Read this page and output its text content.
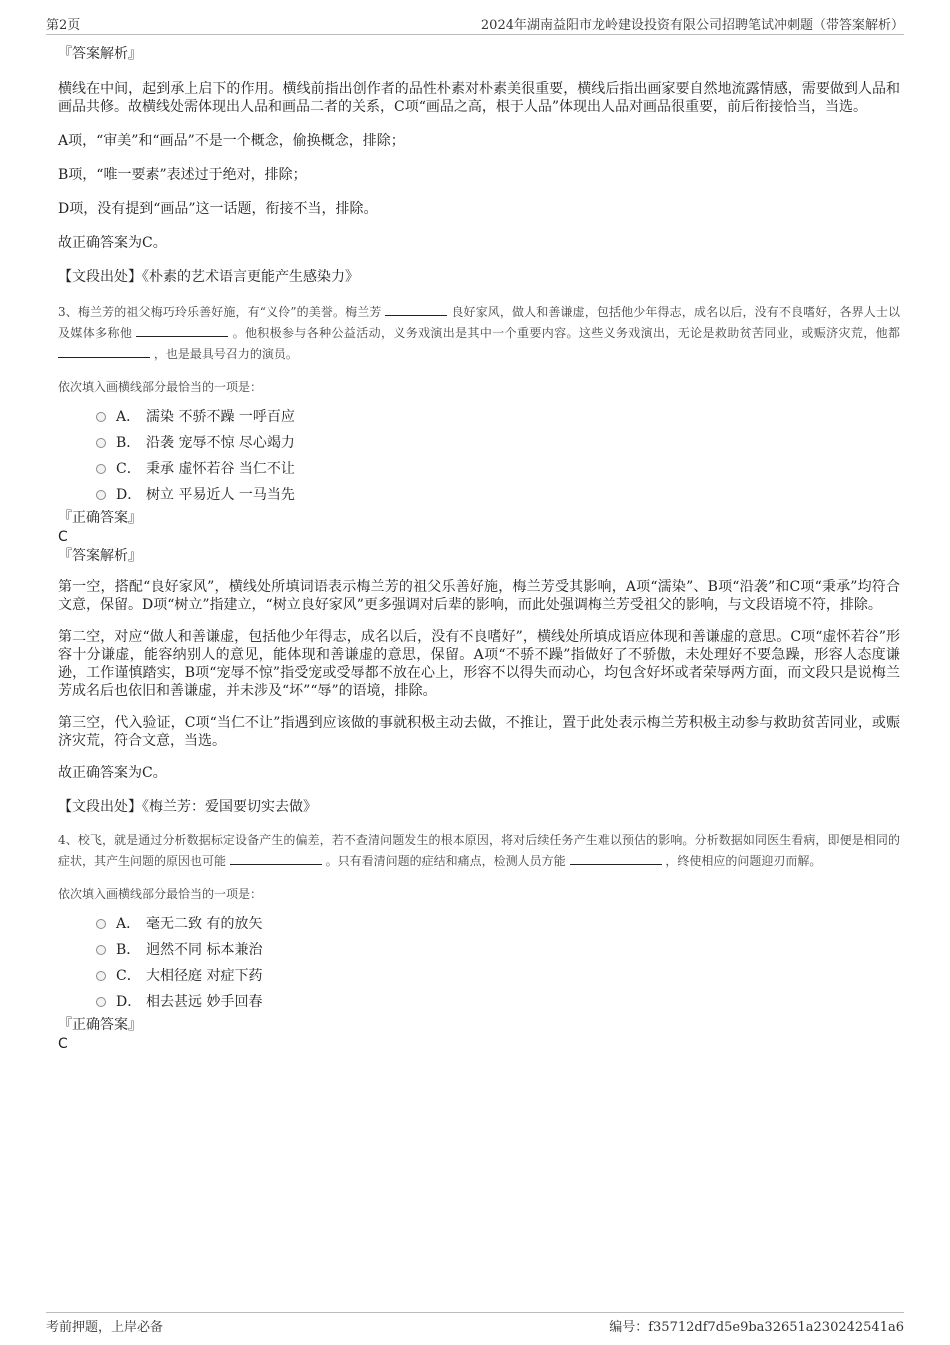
第2页	2024年湖南益阳市龙岭建设投资有限公司招聘笔试冲刺题（带答案解析）

『答案解析』

横线在中间，起到承上启下的作用。横线前指出创作者的品性朴素对朴素美很重要，横线后指出画家要自然地流露情感，需要做到人品和画品共修。故横线处需体现出人品和画品二者的关系，C项“画品之高，根于人品”体现出人品对画品很重要，前后衔接恰当，当选。

A项，“审美”和“画品”不是一个概念，偷换概念，排除；

B项，“唯一要素”表述过于绝对，排除；

D项，没有提到“画品”这一话题，衔接不当，排除。

故正确答案为C。

【文段出处】《朴素的艺术语言更能产生感染力》

3、梅兰芳的祖父梅巧玲乐善好施，有“义伶”的美誉。梅兰芳	良好家风，做人和善谦虚，包括他少年得志，成名以后，没有不良嗜好，各界人士以及媒体多称他	。他积极参与各种公益活动，义务戏演出是其中一个重要内容。这些义务戏演出，无论是救助贫苦同业，或赈济灾荒，他都  ，也是最具号召力的演员。

依次填入画横线部分最恰当的一项是：

A． 濡染 不骄不躁 一呼百应
B． 沿袭 宠辱不惊 尽心竭力
C． 秉承 虚怀若谷 当仁不让
D． 树立 平易近人 一马当先

『正确答案』

C

『答案解析』

第一空，搭配“良好家风”，横线处所填词语表示梅兰芳的祖父乐善好施，梅兰芳受其影响，A项“濡染”、B项“沿袭”和C项“秉承”均符合文意，保留。D项“树立”指建立，“树立良好家风”更多强调对后辈的影响，而此处强调梅兰芳受祖父的影响，与文段语境不符，排除。

第二空，对应“做人和善谦虚，包括他少年得志，成名以后，没有不良嗜好”，横线处所填成语应体现和善谦虚的意思。C项“虚怀若谷”形容十分谦虚，能容纳别人的意见，能体现和善谦虚的意思，保留。A项“不骄不躁”指做好了不骄傲，未处理好不要急躁，形容人态度谦逊，工作谨慎踏实，B项“宠辱不惊”指受宠或受辱都不放在心上，形容不以得失而动心，均包含好坏或者荣辱两方面，而文段只是说梅兰芳成名后也依旧和善谦虚，并未涉及“坏”“辱”的语境，排除。

第三空，代入验证，C项“当仁不让”指遇到应该做的事就积极主动去做，不推让，置于此处表示梅兰芳积极主动参与救助贫苦同业，或赈济灾荒，符合文意，当选。

故正确答案为C。

【文段出处】《梅兰芳：爱国要切实去做》

4、校飞，就是通过分析数据标定设备产生的偏差，若不查清问题发生的根本原因，将对后续任务产生难以预估的影响。分析数据如同医生看病，即便是相同的症状，其产生问题的原因也可能	。只有看清问题的症结和痛点，检测人员方能	，终使相应的问题迎刃而解。

依次填入画横线部分最恰当的一项是：

A． 毫无二致 有的放矢
B． 迥然不同 标本兼治
C． 大相径庭 对症下药
D． 相去甚远 妙手回春

『正确答案』

C

考前押题，上岸必备	编号：f35712df7d5e9ba32651a230242541a6
